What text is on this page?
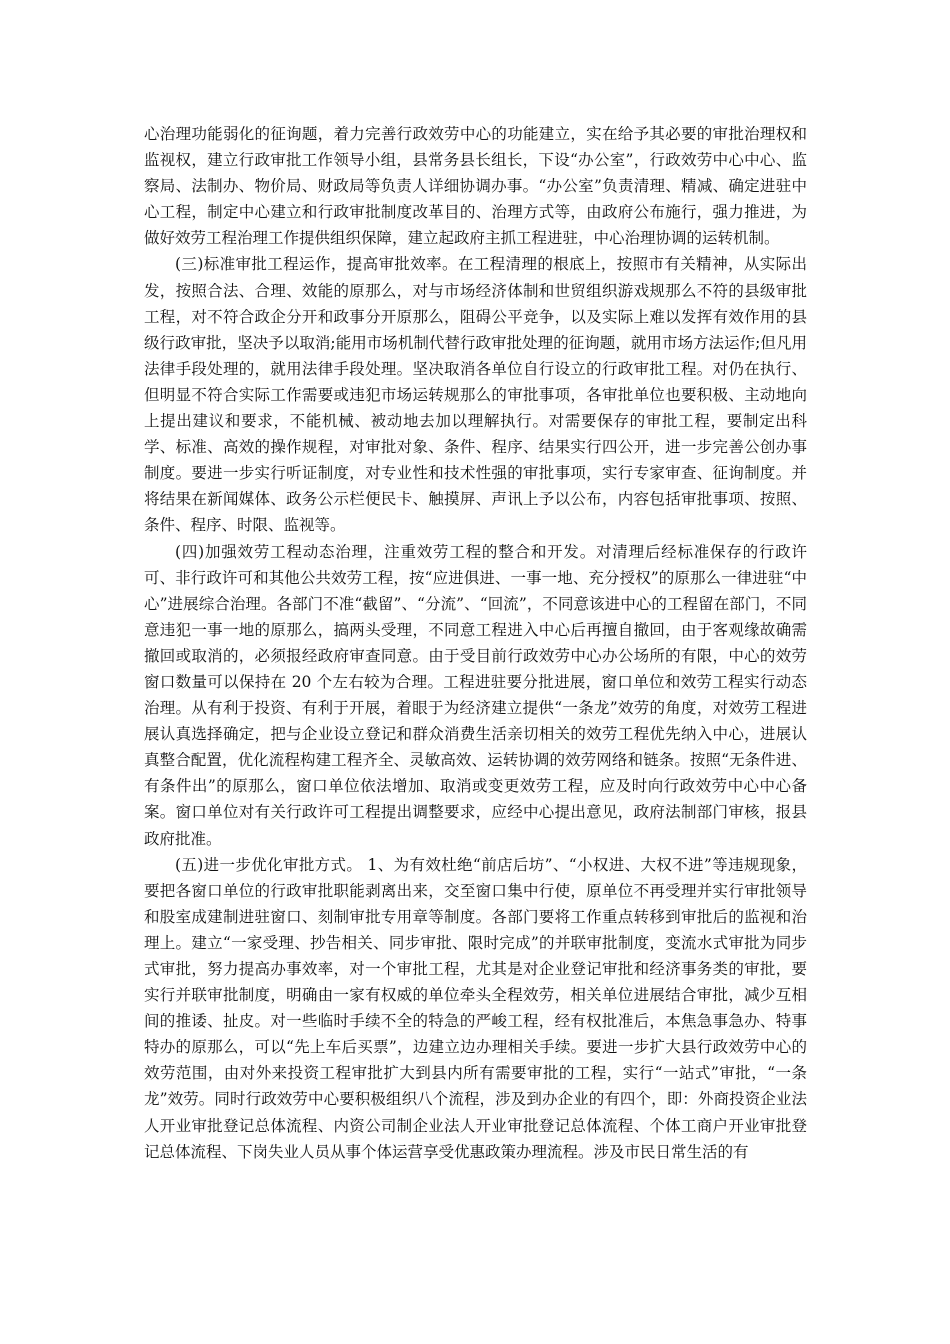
心治理功能弱化的征询题，着力完善行政效劳中心的功能建立，实在给予其必要的审批治理权和监视权，建立行政审批工作领导小组，县常务县长组长，下设“办公室”，行政效劳中心中心、监察局、法制办、物价局、财政局等负责人详细协调办事。“办公室”负责清理、精减、确定进驻中心工程，制定中心建立和行政审批制度改革目的、治理方式等，由政府公布施行，强力推进，为做好效劳工程治理工作提供组织保障，建立起政府主抓工程进驻，中心治理协调的运转机制。

(三)标准审批工程运作，提高审批效率。在工程清理的根底上，按照市有关精神，从实际出发，按照合法、合理、效能的原那么，对与市场经济体制和世贸组织游戏规那么不符的县级审批工程，对不符合政企分开和政事分开原那么，阻碍公平竞争，以及实际上难以发挥有效作用的县级行政审批，坚决予以取消;能用市场机制代替行政审批处理的征询题，就用市场方法运作;但凡用法律手段处理的，就用法律手段处理。坚决取消各单位自行设立的行政审批工程。对仍在执行、但明显不符合实际工作需要或违犯市场运转规那么的审批事项，各审批单位也要积极、主动地向上提出建议和要求，不能机械、被动地去加以理解执行。对需要保存的审批工程，要制定出科学、标准、高效的操作规程，对审批对象、条件、程序、结果实行四公开，进一步完善公创办事制度。要进一步实行听证制度，对专业性和技术性强的审批事项，实行专家审查、征询制度。并将结果在新闻媒体、政务公示栏便民卡、触摸屏、声讯上予以公布，内容包括审批事项、按照、条件、程序、时限、监视等。

(四)加强效劳工程动态治理，注重效劳工程的整合和开发。对清理后经标准保存的行政许可、非行政许可和其他公共效劳工程，按“应进俱进、一事一地、充分授权”的原那么一律进驻“中心”进展综合治理。各部门不准“截留”、“分流”、“回流”，不同意该进中心的工程留在部门，不同意违犯一事一地的原那么，搞两头受理，不同意工程进入中心后再擅自撤回，由于客观缘故确需撤回或取消的，必须报经政府审查同意。由于受目前行政效劳中心办公场所的有限，中心的效劳窗口数量可以保持在 20 个左右较为合理。工程进驻要分批进展，窗口单位和效劳工程实行动态治理。从有利于投资、有利于开展，着眼于为经济建立提供“一条龙”效劳的角度，对效劳工程进展认真选择确定，把与企业设立登记和群众消费生活亲切相关的效劳工程优先纳入中心，进展认真整合配置，优化流程构建工程齐全、灵敏高效、运转协调的效劳网络和链条。按照“无条件进、有条件出”的原那么，窗口单位依法增加、取消或变更效劳工程，应及时向行政效劳中心中心备案。窗口单位对有关行政许可工程提出调整要求，应经中心提出意见，政府法制部门审核，报县政府批准。

(五)进一步优化审批方式。 1、为有效杜绝“前店后坊”、“小权进、大权不进”等违规现象，要把各窗口单位的行政审批职能剥离出来，交至窗口集中行使，原单位不再受理并实行审批领导和股室成建制进驻窗口、刻制审批专用章等制度。各部门要将工作重点转移到审批后的监视和治理上。建立“一家受理、抄告相关、同步审批、限时完成”的并联审批制度，变流水式审批为同步式审批，努力提高办事效率，对一个审批工程，尤其是对企业登记审批和经济事务类的审批，要实行并联审批制度，明确由一家有权威的单位牵头全程效劳，相关单位进展结合审批，减少互相间的推诿、扯皮。对一些临时手续不全的特急的严峻工程，经有权批准后，本焦急事急办、特事特办的原那么，可以“先上车后买票”，边建立边办理相关手续。要进一步扩大县行政效劳中心的效劳范围，由对外来投资工程审批扩大到县内所有需要审批的工程，实行“一站式”审批，“一条龙”效劳。同时行政效劳中心要积极组织八个流程，涉及到办企业的有四个，即：外商投资企业法人开业审批登记总体流程、内资公司制企业法人开业审批登记总体流程、个体工商户开业审批登记总体流程、下岗失业人员从事个体运营享受优惠政策办理流程。涉及市民日常生活的有
